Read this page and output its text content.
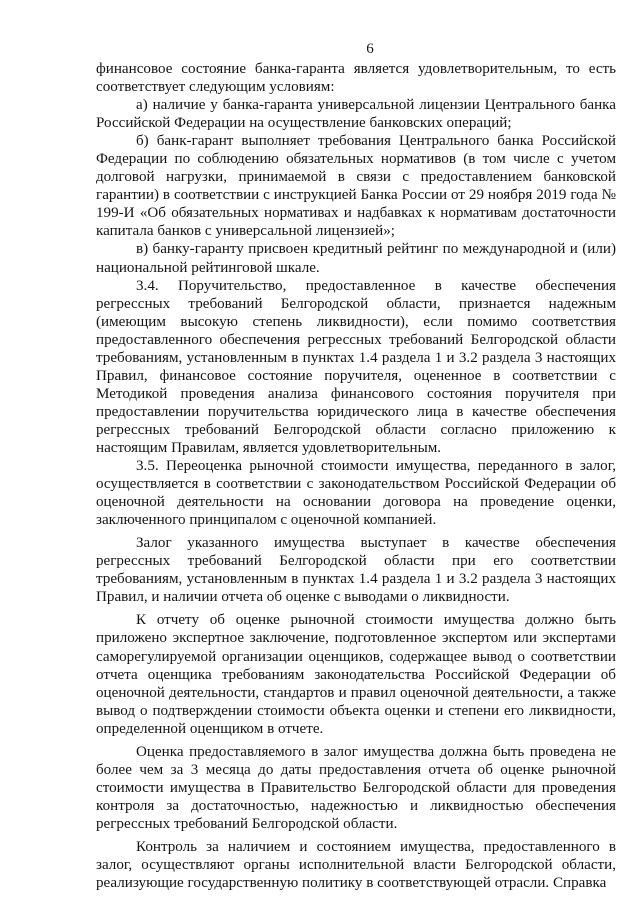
6

финансовое состояние банка-гаранта является удовлетворительным, то есть соответствует следующим условиям:

а) наличие у банка-гаранта универсальной лицензии Центрального банка Российской Федерации на осуществление банковских операций;

б) банк-гарант выполняет требования Центрального банка Российской Федерации по соблюдению обязательных нормативов (в том числе с учетом долговой нагрузки, принимаемой в связи с предоставлением банковской гарантии) в соответствии с инструкцией Банка России от 29 ноября 2019 года № 199-И «Об обязательных нормативах и надбавках к нормативам достаточности капитала банков с универсальной лицензией»;

в) банку-гаранту присвоен кредитный рейтинг по международной и (или) национальной рейтинговой шкале.

3.4. Поручительство, предоставленное в качестве обеспечения регрессных требований Белгородской области, признается надежным (имеющим высокую степень ликвидности), если помимо соответствия предоставленного обеспечения регрессных требований Белгородской области требованиям, установленным в пунктах 1.4 раздела 1 и 3.2 раздела 3 настоящих Правил, финансовое состояние поручителя, оцененное в соответствии с Методикой проведения анализа финансового состояния поручителя при предоставлении поручительства юридического лица в качестве обеспечения регрессных требований Белгородской области согласно приложению к настоящим Правилам, является удовлетворительным.

3.5. Переоценка рыночной стоимости имущества, переданного в залог, осуществляется в соответствии с законодательством Российской Федерации об оценочной деятельности на основании договора на проведение оценки, заключенного принципалом с оценочной компанией.

Залог указанного имущества выступает в качестве обеспечения регрессных требований Белгородской области при его соответствии требованиям, установленным в пунктах 1.4 раздела 1 и 3.2 раздела 3 настоящих Правил, и наличии отчета об оценке с выводами о ликвидности.

К отчету об оценке рыночной стоимости имущества должно быть приложено экспертное заключение, подготовленное экспертом или экспертами саморегулируемой организации оценщиков, содержащее вывод о соответствии отчета оценщика требованиям законодательства Российской Федерации об оценочной деятельности, стандартов и правил оценочной деятельности, а также вывод о подтверждении стоимости объекта оценки и степени его ликвидности, определенной оценщиком в отчете.

Оценка предоставляемого в залог имущества должна быть проведена не более чем за 3 месяца до даты предоставления отчета об оценке рыночной стоимости имущества в Правительство Белгородской области для проведения контроля за достаточностью, надежностью и ликвидностью обеспечения регрессных требований Белгородской области.

Контроль за наличием и состоянием имущества, предоставленного в залог, осуществляют органы исполнительной власти Белгородской области, реализующие государственную политику в соответствующей отрасли. Справка
